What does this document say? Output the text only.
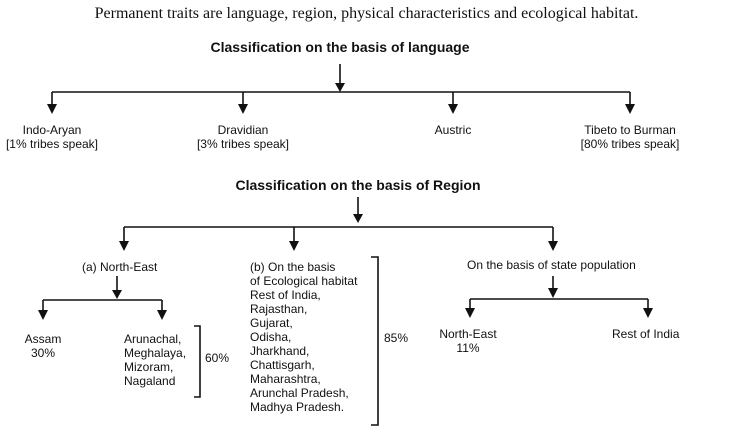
Permanent traits are language, region, physical characteristics and ecological habitat.
Classification on the basis of language
Indo-Aryan
[1% tribes speak]
Dravidian
[3% tribes speak]
Austric	Tibeto to Burman
[80% tribes speak]
Classification on the basis of Region
(a) North-East
Assam
30%
Arunachal,
Meghalaya,
Mizoram,
Nagaland
60%
(b) On the basis
of Ecological habitat
Rest of India,
Rajasthan,
Gujarat,
Odisha,
Jharkhand,
Chattisgarh,
Maharashtra,
Arunchal Pradesh,
Madhya Pradesh.
85%
On the basis of state population
North-East
11%
Rest of India
